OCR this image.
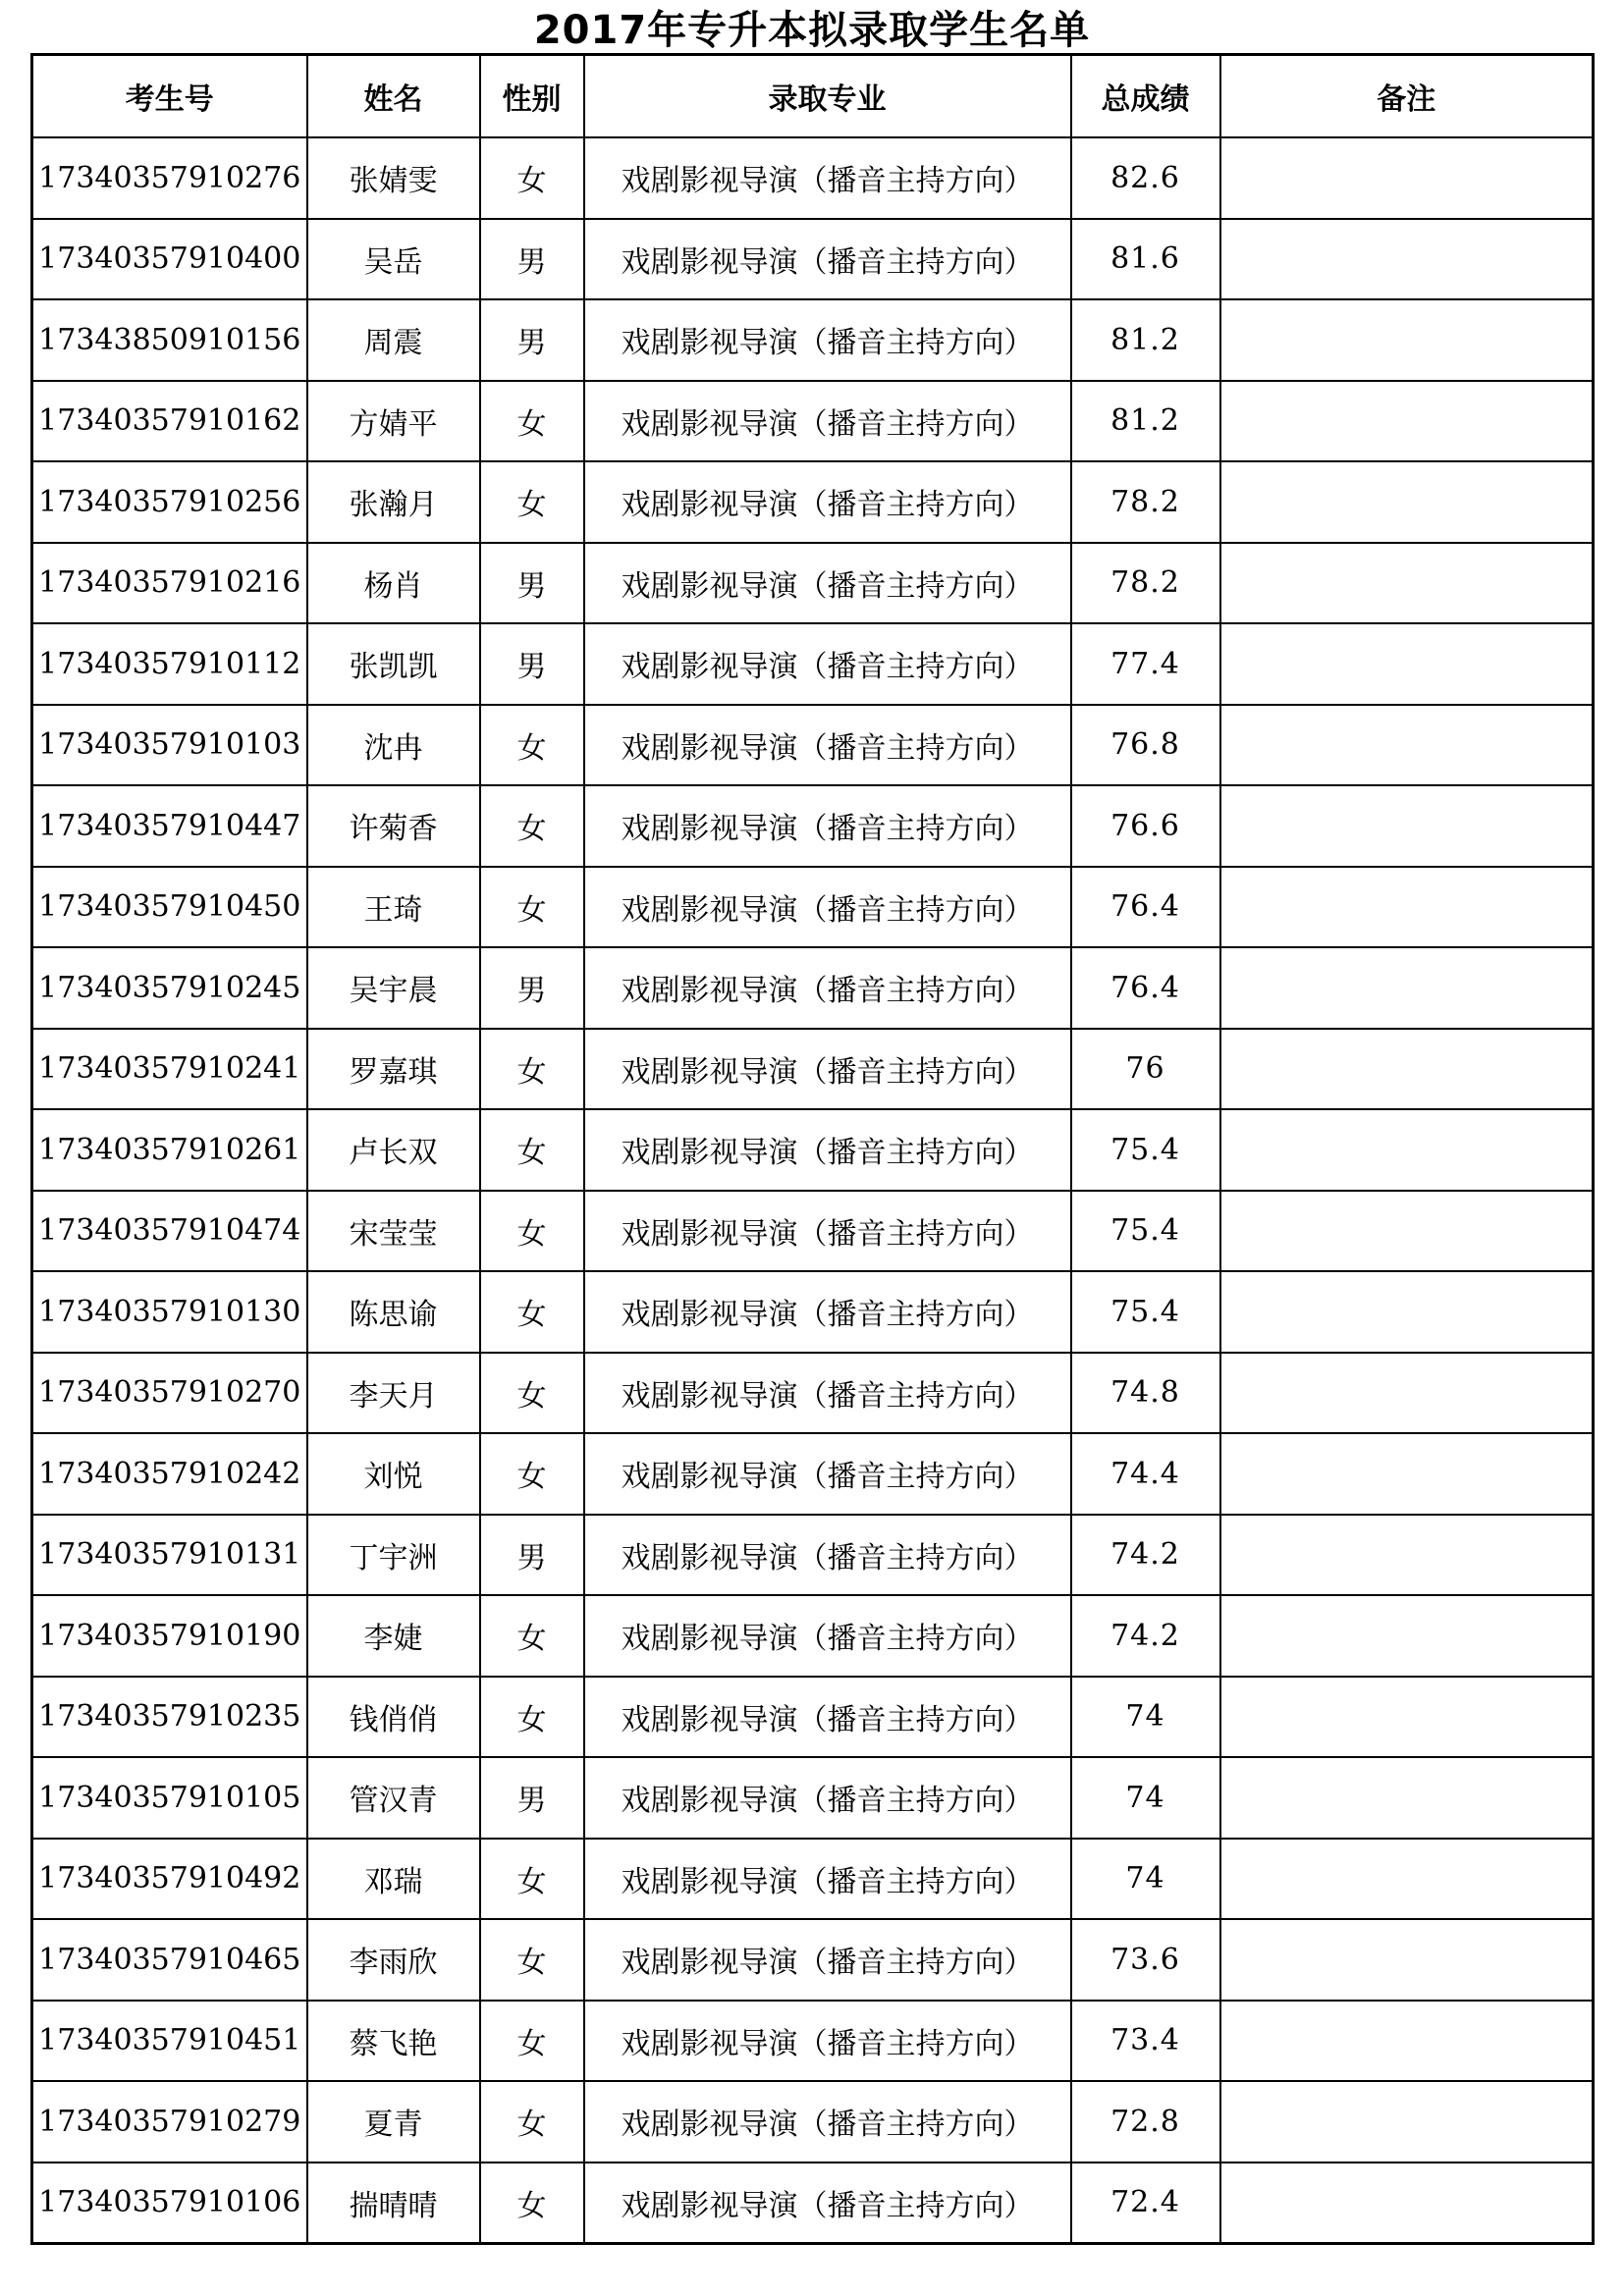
2017年专升本拟录取学生名单
考生号	姓名	性别	录取专业	总成绩	备注
17340357910276	张婧雯	女	戏剧影视导演（播音主持方向）	82.6	
17340357910400	吴岳	男	戏剧影视导演（播音主持方向）	81.6	
17343850910156	周震	男	戏剧影视导演（播音主持方向）	81.2	
17340357910162	方婧平	女	戏剧影视导演（播音主持方向）	81.2	
17340357910256	张瀚月	女	戏剧影视导演（播音主持方向）	78.2	
17340357910216	杨肖	男	戏剧影视导演（播音主持方向）	78.2	
17340357910112	张凯凯	男	戏剧影视导演（播音主持方向）	77.4	
17340357910103	沈冉	女	戏剧影视导演（播音主持方向）	76.8	
17340357910447	许菊香	女	戏剧影视导演（播音主持方向）	76.6	
17340357910450	王琦	女	戏剧影视导演（播音主持方向）	76.4	
17340357910245	吴宇晨	男	戏剧影视导演（播音主持方向）	76.4	
17340357910241	罗嘉琪	女	戏剧影视导演（播音主持方向）	76	
17340357910261	卢长双	女	戏剧影视导演（播音主持方向）	75.4	
17340357910474	宋莹莹	女	戏剧影视导演（播音主持方向）	75.4	
17340357910130	陈思谕	女	戏剧影视导演（播音主持方向）	75.4	
17340357910270	李天月	女	戏剧影视导演（播音主持方向）	74.8	
17340357910242	刘悦	女	戏剧影视导演（播音主持方向）	74.4	
17340357910131	丁宇洲	男	戏剧影视导演（播音主持方向）	74.2	
17340357910190	李婕	女	戏剧影视导演（播音主持方向）	74.2	
17340357910235	钱俏俏	女	戏剧影视导演（播音主持方向）	74	
17340357910105	管汉青	男	戏剧影视导演（播音主持方向）	74	
17340357910492	邓瑞	女	戏剧影视导演（播音主持方向）	74	
17340357910465	李雨欣	女	戏剧影视导演（播音主持方向）	73.6	
17340357910451	蔡飞艳	女	戏剧影视导演（播音主持方向）	73.4	
17340357910279	夏青	女	戏剧影视导演（播音主持方向）	72.8	
17340357910106	揣晴晴	女	戏剧影视导演（播音主持方向）	72.4	
